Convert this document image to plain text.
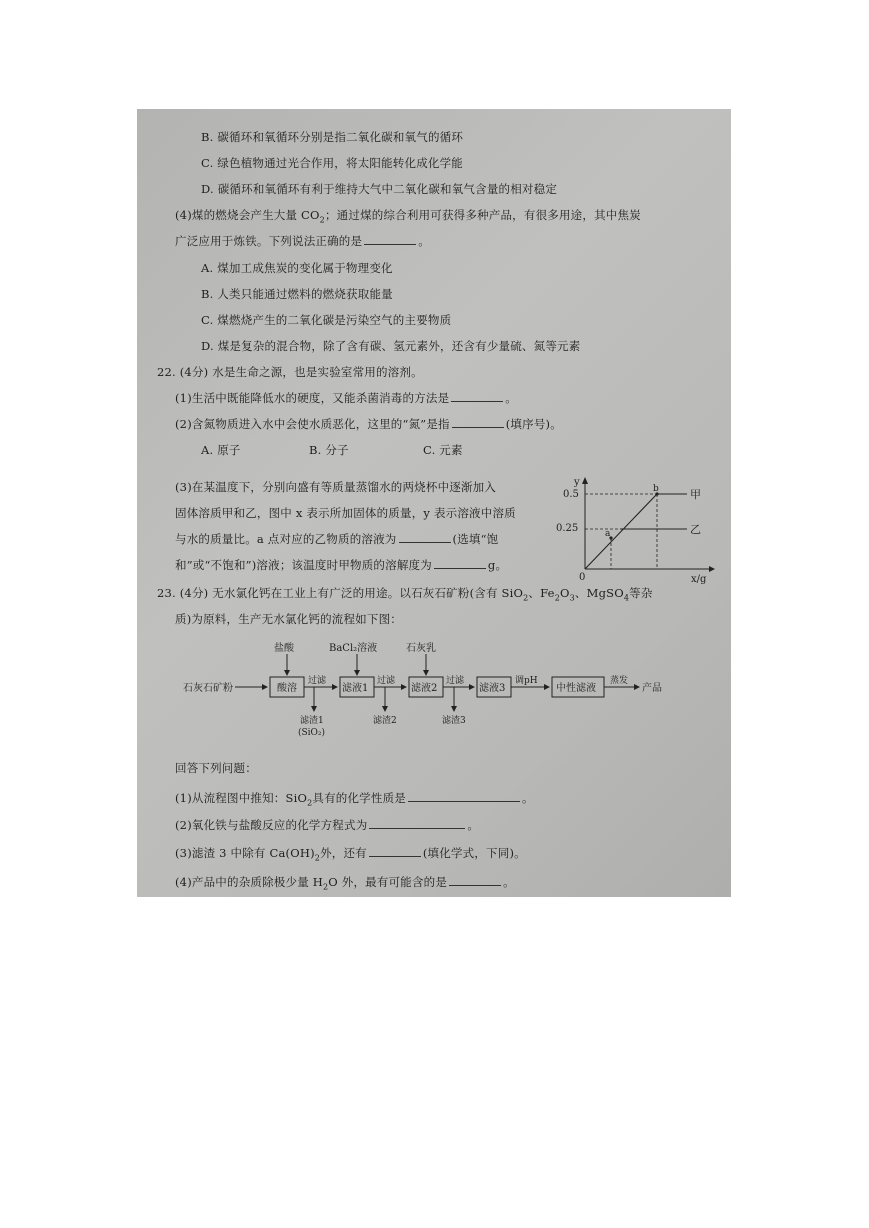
B. 碳循环和氧循环分别是指二氧化碳和氧气的循环
C. 绿色植物通过光合作用，将太阳能转化成化学能
D. 碳循环和氧循环有利于维持大气中二氧化碳和氧气含量的相对稳定
(4)煤的燃烧会产生大量 $CO_2$；通过煤的综合利用可获得多种产品，有很多用途，其中焦炭
广泛应用于炼铁。下列说法正确的是	。
A. 煤加工成焦炭的变化属于物理变化
B. 人类只能通过燃料的燃烧获取能量
C. 煤燃烧产生的二氧化碳是污染空气的主要物质
D. 煤是复杂的混合物，除了含有碳、氢元素外，还含有少量硫、氮等元素
22. (4分) 水是生命之源，也是实验室常用的溶剂。
(1)生活中既能降低水的硬度，又能杀菌消毒的方法是	。
(2)含氮物质进入水中会使水质恶化，这里的“氮”是指	(填序号)。
A. 原子	B. 分子	C. 元素
(3)在某温度下，分别向盛有等质量蒸馏水的两烧杯中逐渐加入
固体溶质甲和乙，图中 x 表示所加固体的质量，y 表示溶液中溶质
与水的质量比。a 点对应的乙物质的溶液为	(选填“饱
和”或“不饱和”)溶液；该温度时甲物质的溶解度为	g。
y
x/g
0
0.5
0.25	a
b	甲
乙
23. (4分) 无水氯化钙在工业上有广泛的用途。以石灰石矿粉(含有 SiO$_2$、$Fe_2O_3$、MgSO$_4$等杂
质)为原料，生产无水氯化钙的流程如下图：
石灰石矿粉	酸溶
盐酸
过滤
滤渣1
(SiO₂)
滤液1
BaCl₂溶液
过滤
滤渣2
滤液2
石灰乳
过滤
滤渣3
滤液3
调pH
中性滤液
蒸发
产品
回答下列问题：
(1)从流程图中推知：SiO$_2$具有的化学性质是	。
(2)氧化铁与盐酸反应的化学方程式为	。
(3)滤渣 3 中除有 $Ca(OH)_2$外，还有	(填化学式，下同)。
(4)产品中的杂质除极少量 $H_2O$ 外，最有可能含的是	。
